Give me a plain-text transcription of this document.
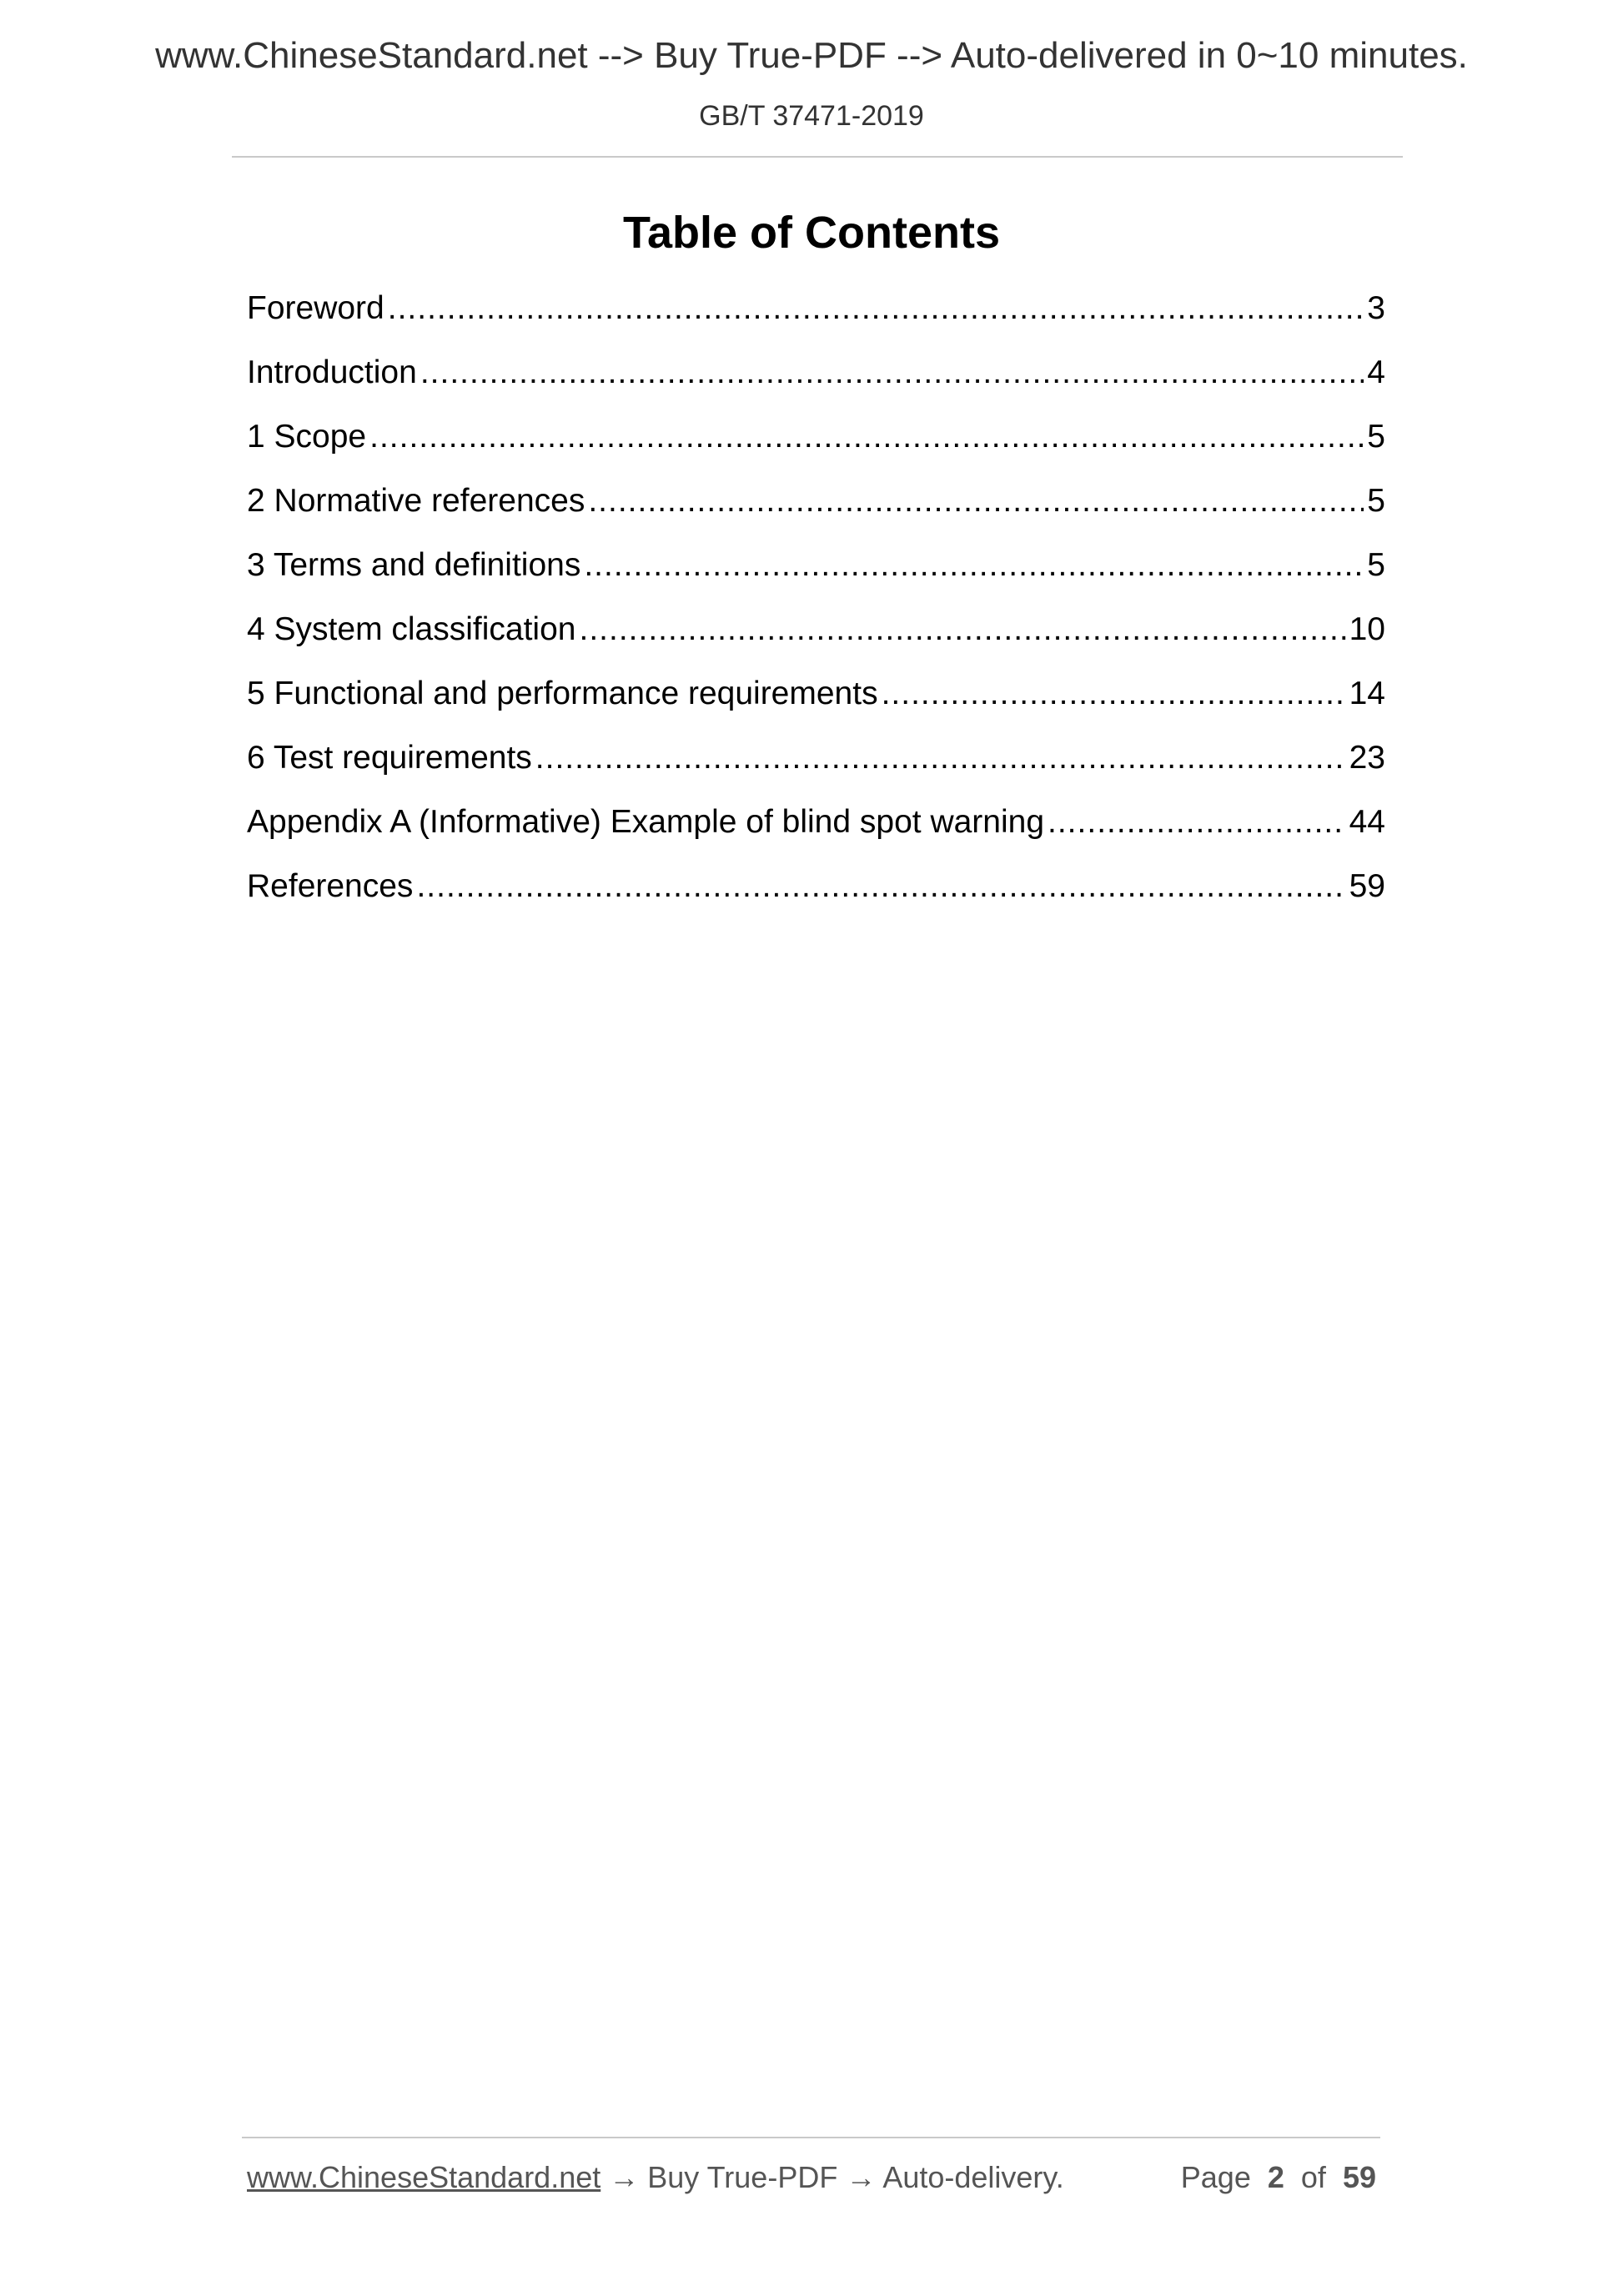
www.ChineseStandard.net --> Buy True-PDF --> Auto-delivered in 0~10 minutes.
GB/T 37471-2019
Table of Contents
Foreword .....	3
Introduction .....	4
1 Scope .....	5
2 Normative references .....	5
3 Terms and definitions .....	5
4 System classification .....	10
5 Functional and performance requirements .....	14
6 Test requirements .....	23
Appendix A (Informative) Example of blind spot warning .....	44
References .....	59
www.ChineseStandard.net → Buy True-PDF → Auto-delivery.	Page 2 of 59
